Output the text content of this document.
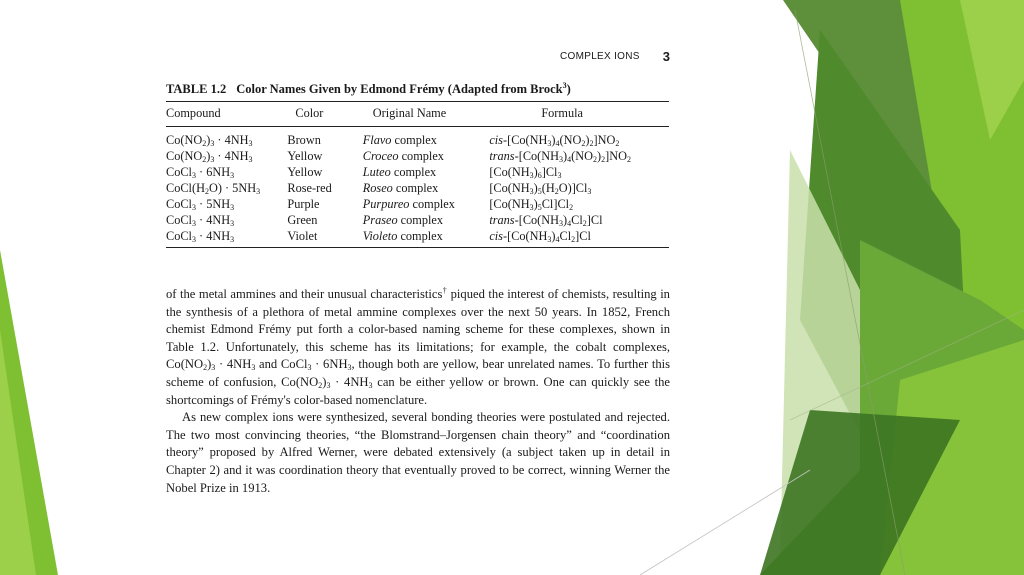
COMPLEX IONS 3
TABLE 1.2 Color Names Given by Edmond Frémy (Adapted from Brock$^3$)
Compound	Color	Original Name	Formula
$Co(NO_2)_3 \cdot 4NH_3$	Brown	Flavo complex	cis-$[Co(NH_3)_4(NO_2)_2]NO_2$
$Co(NO_2)_3 \cdot 4NH_3$	Yellow	Croceo complex	trans-$[Co(NH_3)_4(NO_2)_2]NO_2$
CoCl$_3$ · $6NH_3$	Yellow	Luteo complex	$[Co(NH_3)_6]Cl_3$
$CoCl(H_2O) \cdot 5NH_3$	Rose-red	Roseo complex	$[Co(NH_3)_5(H_2O)]Cl_3$
CoCl$_3$ · $5NH_3$	Purple	Purpureo complex	$[Co(NH_3)_5Cl]Cl_2$
CoCl$_3$ · $4NH_3$	Green	Praseo complex	trans-$[Co(NH_3)_4Cl_2]Cl$
CoCl$_3$ · $4NH_3$	Violet	Violeto complex	cis-$[Co(NH_3)_4Cl_2]Cl$

of the metal ammines and their unusual characteristics† piqued the interest of chemists, resulting in the synthesis of a plethora of metal ammine complexes over the next 50 years. In 1852, French chemist Edmond Frémy put forth a color-based naming scheme for these complexes, shown in Table 1.2. Unfortunately, this scheme has its limitations; for example, the cobalt complexes, $Co(NO_2)_3 \cdot 4NH_3$ and CoCl$_3$ · $6NH_3$, though both are yellow, bear unrelated names. To further this scheme of confusion, $Co(NO_2)_3 \cdot 4NH_3$ can be either yellow or brown. One can quickly see the shortcomings of Frémy's color-based nomenclature.

As new complex ions were synthesized, several bonding theories were postulated and rejected. The two most convincing theories, “the Blomstrand–Jorgensen chain theory” and “coordination theory” proposed by Alfred Werner, were debated extensively (a subject taken up in detail in Chapter 2) and it was coordination theory that eventually proved to be correct, winning Werner the Nobel Prize in 1913.
